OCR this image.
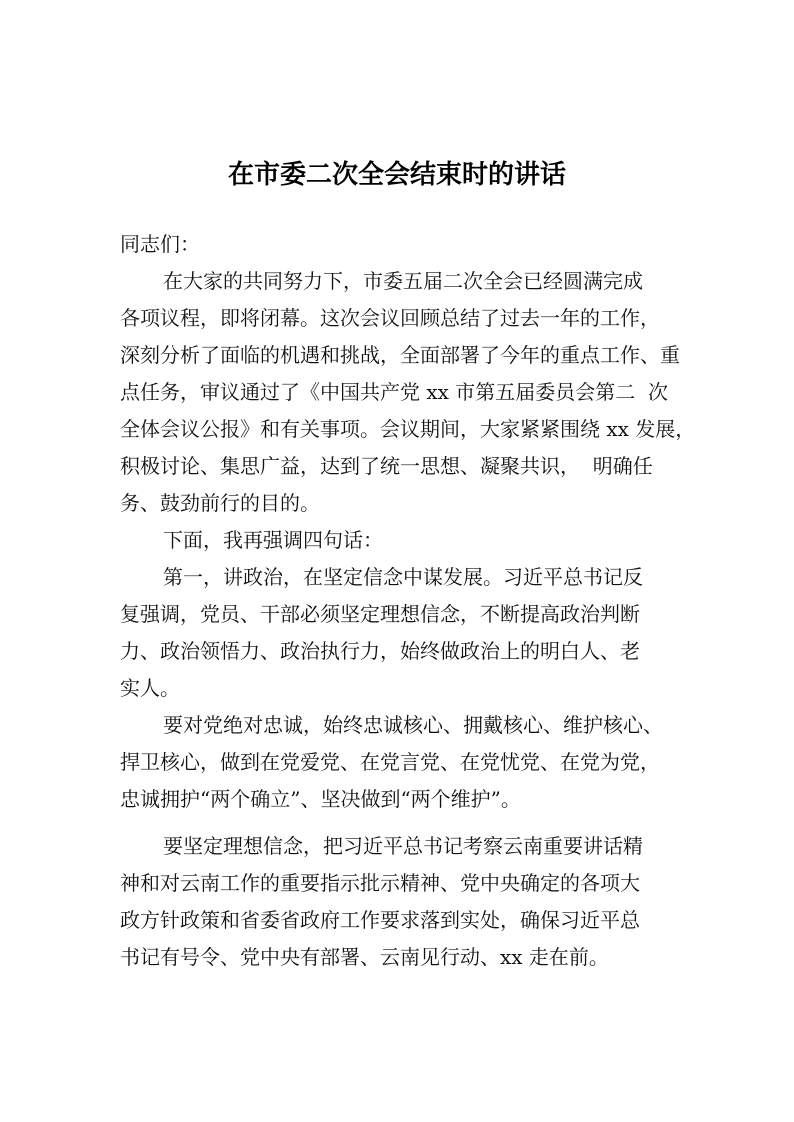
在市委二次全会结束时的讲话
同志们：
在大家的共同努力下，市委五届二次全会已经圆满完成
各项议程，即将闭幕。这次会议回顾总结了过去一年的工作，
深刻分析了面临的机遇和挑战，全面部署了今年的重点工作、重
点任务，审议通过了《中国共产党 xx 市第五届委员会第二  次
全体会议公报》和有关事项。会议期间，大家紧紧围绕 xx 发展，
积极讨论、集思广益，达到了统一思想、凝聚共识，  明确任
务、鼓劲前行的目的。
下面，我再强调四句话：
第一，讲政治，在坚定信念中谋发展。习近平总书记反
复强调，党员、干部必须坚定理想信念，不断提高政治判断
力、政治领悟力、政治执行力，始终做政治上的明白人、老
实人。
要对党绝对忠诚，始终忠诚核心、拥戴核心、维护核心、
捍卫核心，做到在党爱党、在党言党、在党忧党、在党为党，
忠诚拥护“两个确立”、坚决做到“两个维护”。
要坚定理想信念，把习近平总书记考察云南重要讲话精
神和对云南工作的重要指示批示精神、党中央确定的各项大
政方针政策和省委省政府工作要求落到实处，确保习近平总
书记有号令、党中央有部署、云南见行动、xx 走在前。
